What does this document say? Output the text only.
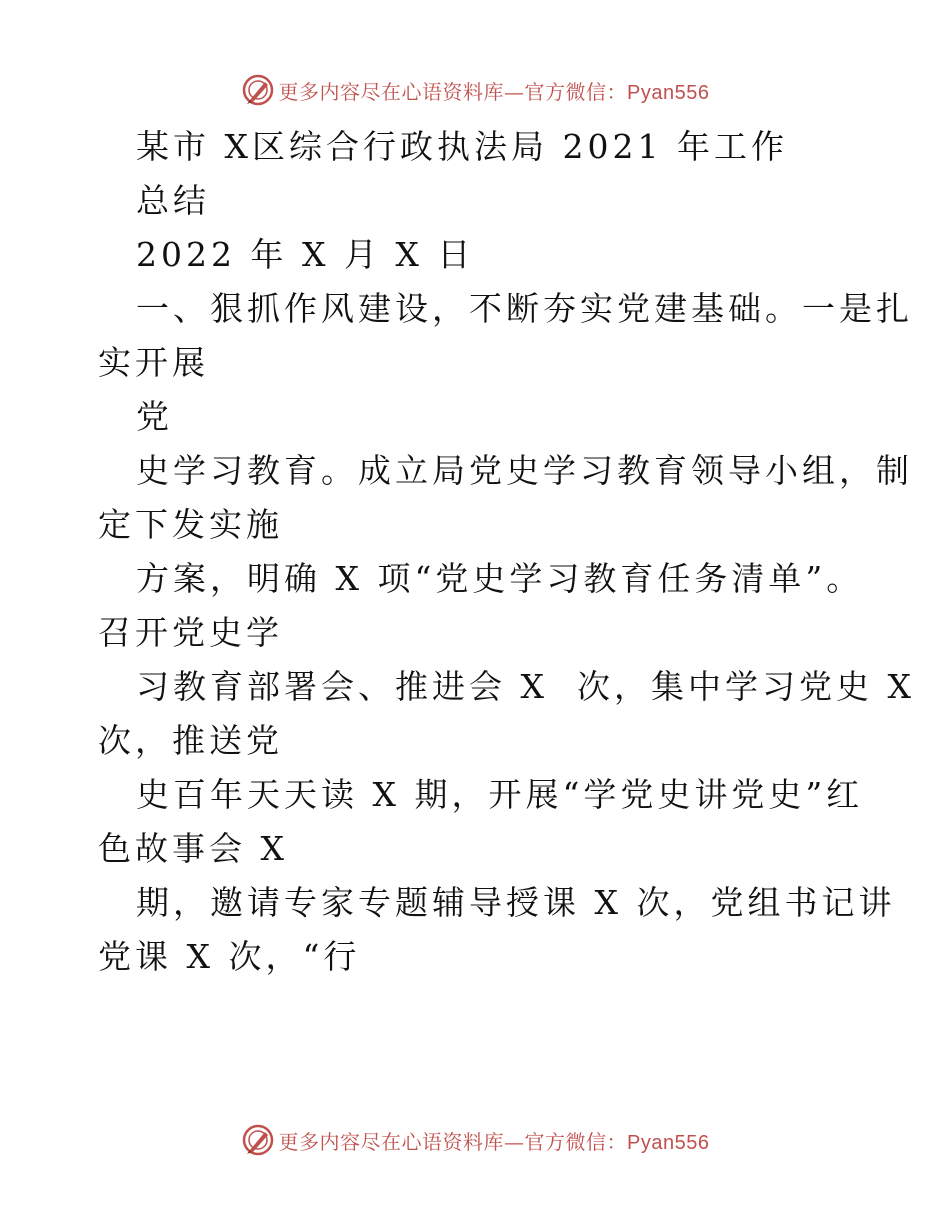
更多内容尽在心语资料库—官方微信：Pyan556
某市 X区综合行政执法局 2021 年工作
总结
2022 年 X 月 X 日
一、狠抓作风建设，不断夯实党建基础。一是扎
实开展
党
史学习教育。成立局党史学习教育领导小组，制
定下发实施
方案，明确 X 项“党史学习教育任务清单”。
召开党史学
习教育部署会、推进会 X  次，集中学习党史 X
次，推送党
史百年天天读 X 期，开展“学党史讲党史”红
色故事会 X
期，邀请专家专题辅导授课 X 次，党组书记讲
党课 X 次，“行
更多内容尽在心语资料库—官方微信：Pyan556
